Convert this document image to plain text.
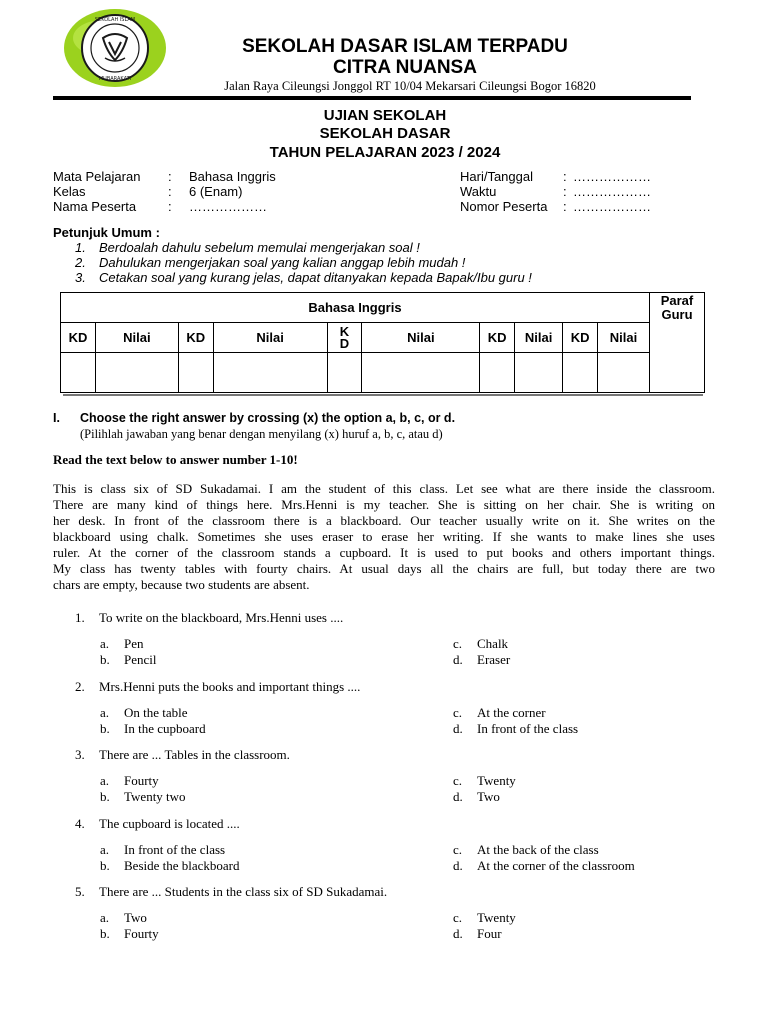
SEKOLAH ISLAM
MUBARAKATI
SEKOLAH DASAR ISLAM TERPADU
CITRA NUANSA
Jalan Raya Cileungsi Jonggol RT 10/04 Mekarsari Cileungsi Bogor 16820
UJIAN SEKOLAH
SEKOLAH DASAR
TAHUN PELAJARAN 2023 / 2024
Mata Pelajaran : Bahasa Inggris
Kelas	: 6 (Enam)
Nama Peserta : ………………
Hari/Tanggal : ………………
Waktu	: ………………
Nomor Peserta : ………………
Petunjuk Umum :
1. Berdoalah dahulu sebelum memulai mengerjakan soal !
2. Dahulukan mengerjakan soal yang kalian anggap lebih mudah !
3. Cetakan soal yang kurang jelas, dapat ditanyakan kepada Bapak/Ibu guru !
Bahasa Inggris										Paraf Guru
KD	Nilai	KD	Nilai	K D	Nilai	KD	Nilai	KD	Nilai	

I. Choose the right answer by crossing (x) the option a, b, c, or d.
(Pilihlah jawaban yang benar dengan menyilang (x) huruf a, b, c, atau d)
Read the text below to answer number 1-10!
This is class six of SD Sukadamai. I am the student of this class. Let see what are there inside the classroom.
There are many kind of things here. Mrs.Henni is my teacher. She is sitting on her chair. She is writing on
her desk. In front of the classroom there is a blackboard. Our teacher usually write on it. She writes on the
blackboard using chalk. Sometimes she uses eraser to erase her writing. If she wants to make lines she uses
ruler. At the corner of the classroom stands a cupboard. It is used to put books and others important things.
My class has twenty tables with fourty chairs. At usual days all the chairs are full, but today there are two
chars are empty, because two students are absent.
1. To write on the blackboard, Mrs.Henni uses ....
a. Pen
b. Pencil
c. Chalk
d. Eraser
2. Mrs.Henni puts the books and important things ....
a. On the table
b. In the cupboard
c. At the corner
d. In front of the class
3. There are ... Tables in the classroom.
a. Fourty
b. Twenty two
c. Twenty
d. Two
4. The cupboard is located ....
a. In front of the class
b. Beside the blackboard
c. At the back of the class
d. At the corner of the classroom
5. There are ... Students in the class six of SD Sukadamai.
a. Two
b. Fourty
c. Twenty
d. Four
